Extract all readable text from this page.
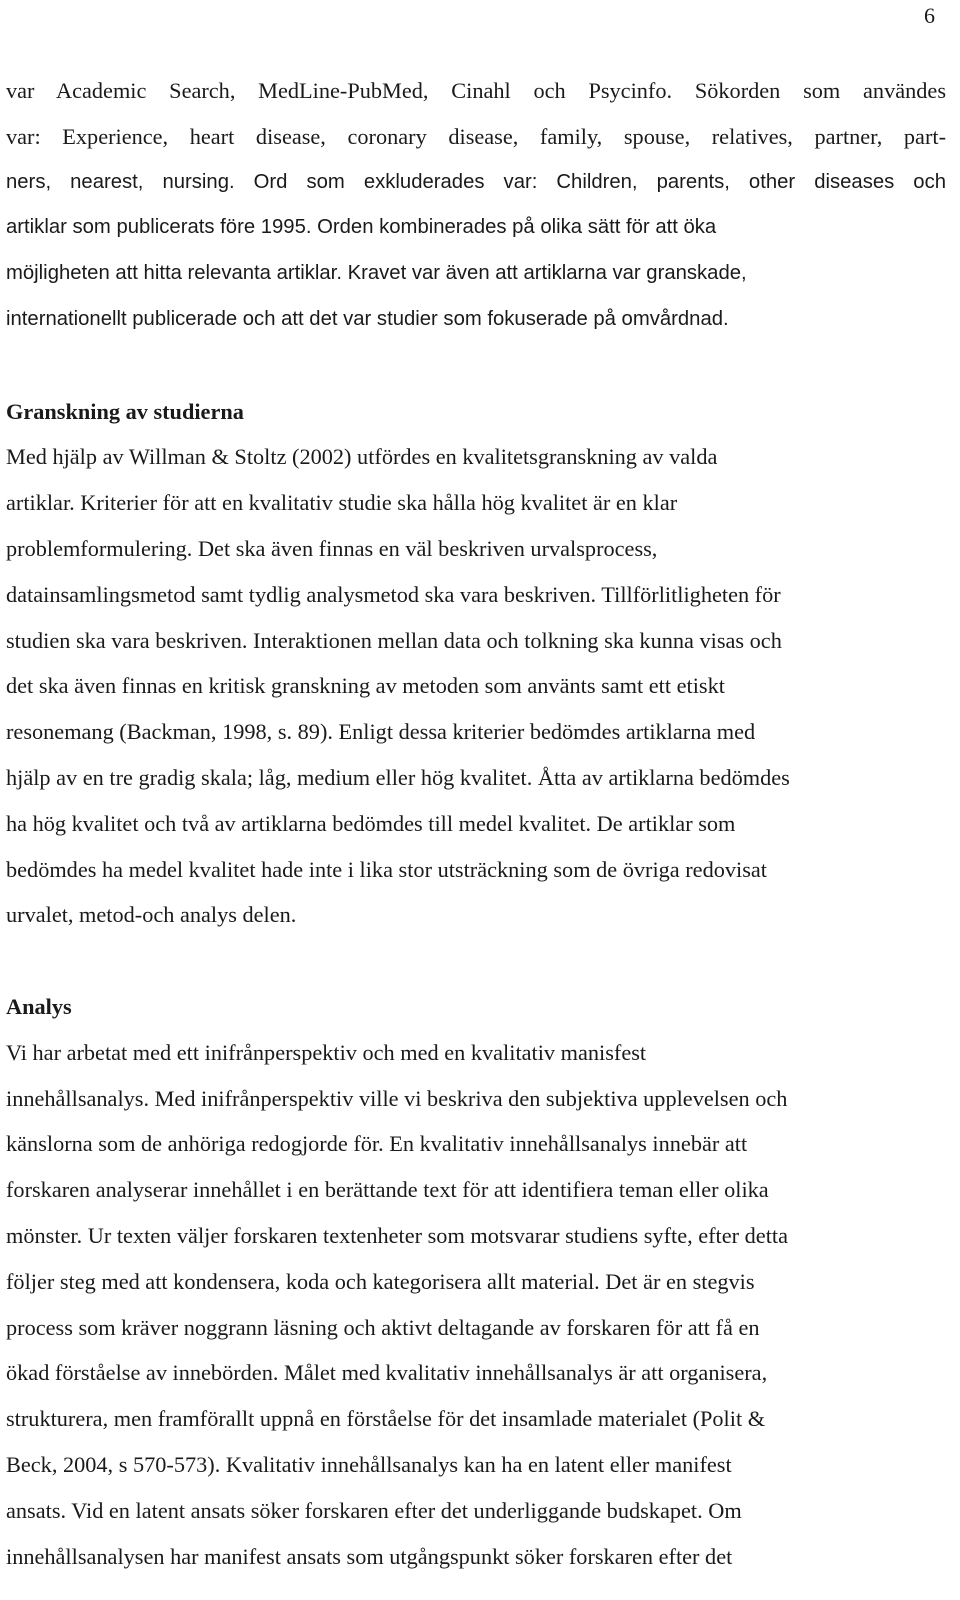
6
var Academic Search, MedLine-PubMed, Cinahl och Psycinfo. Sökorden som användes
var: Experience, heart disease, coronary disease, family, spouse, relatives, partner, part-
ners, nearest, nursing. Ord som exkluderades var: Children, parents, other diseases och
artiklar som publicerats före 1995. Orden kombinerades på olika sätt för att öka
möjligheten att hitta relevanta artiklar. Kravet var även att artiklarna var granskade,
internationellt publicerade och att det var studier som fokuserade på omvårdnad.
Granskning av studierna
Med hjälp av Willman & Stoltz (2002) utfördes en kvalitetsgranskning av valda
artiklar. Kriterier för att en kvalitativ studie ska hålla hög kvalitet är en klar
problemformulering. Det ska även finnas en väl beskriven urvalsprocess,
datainsamlingsmetod samt tydlig analysmetod ska vara beskriven. Tillförlitligheten för
studien ska vara beskriven. Interaktionen mellan data och tolkning ska kunna visas och
det ska även finnas en kritisk granskning av metoden som använts samt ett etiskt
resonemang (Backman, 1998, s. 89). Enligt dessa kriterier bedömdes artiklarna med
hjälp av en tre gradig skala; låg, medium eller hög kvalitet. Åtta av artiklarna bedömdes
ha hög kvalitet och två av artiklarna bedömdes till medel kvalitet. De artiklar som
bedömdes ha medel kvalitet hade inte i lika stor utsträckning som de övriga redovisat
urvalet, metod-och analys delen.
Analys
Vi har arbetat med ett inifrånperspektiv och med en kvalitativ manisfest
innehållsanalys. Med inifrånperspektiv ville vi beskriva den subjektiva upplevelsen och
känslorna som de anhöriga redogjorde för. En kvalitativ innehållsanalys innebär att
forskaren analyserar innehållet i en berättande text för att identifiera teman eller olika
mönster. Ur texten väljer forskaren textenheter som motsvarar studiens syfte, efter detta
följer steg med att kondensera, koda och kategorisera allt material. Det är en stegvis
process som kräver noggrann läsning och aktivt deltagande av forskaren för att få en
ökad förståelse av innebörden. Målet med kvalitativ innehållsanalys är att organisera,
strukturera, men framförallt uppnå en förståelse för det insamlade materialet (Polit &
Beck, 2004, s 570-573). Kvalitativ innehållsanalys kan ha en latent eller manifest
ansats. Vid en latent ansats söker forskaren efter det underliggande budskapet. Om
innehållsanalysen har manifest ansats som utgångspunkt söker forskaren efter det
